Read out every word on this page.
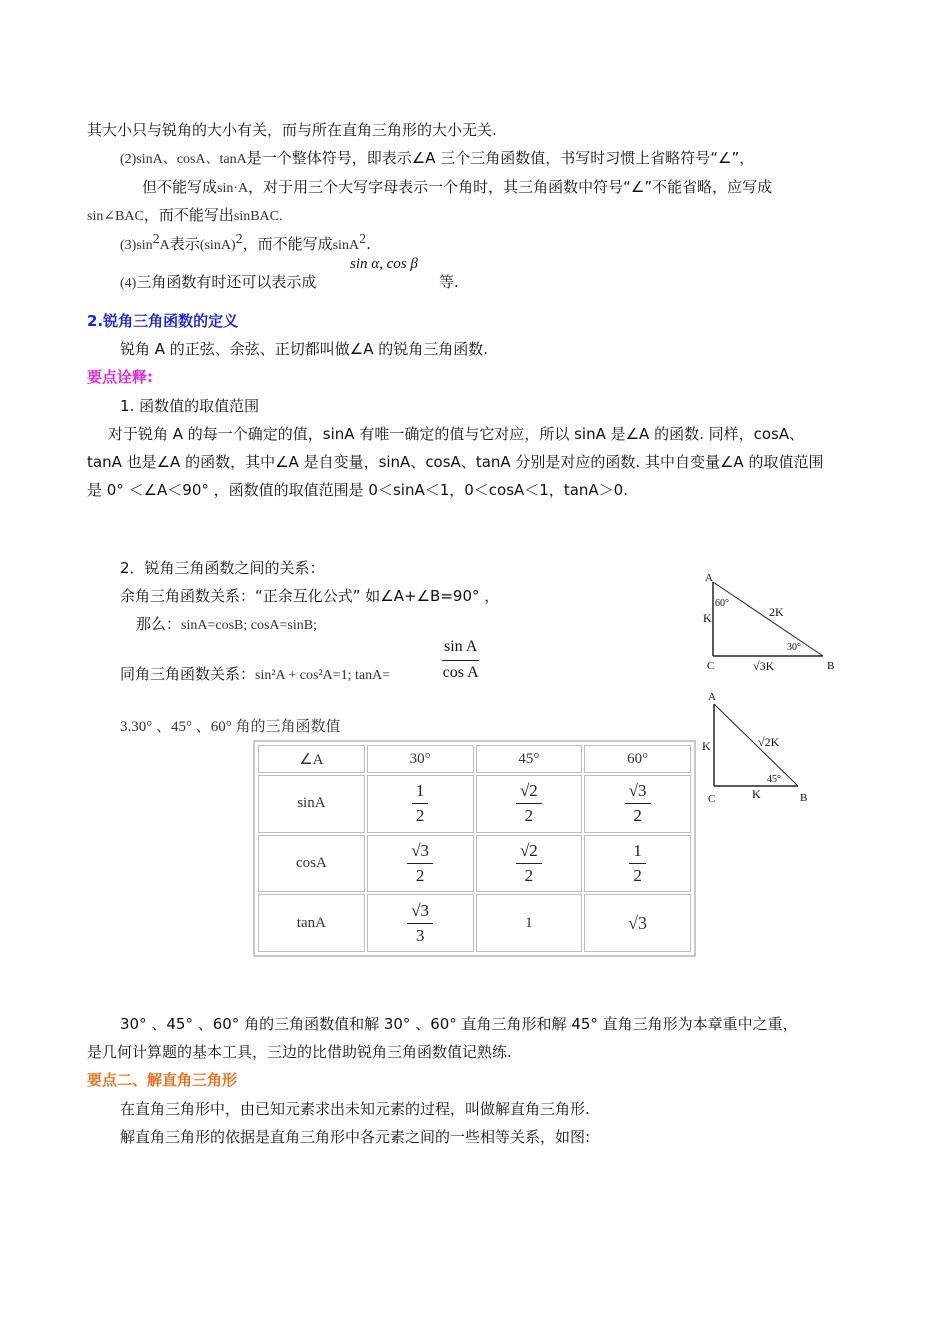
其大小只与锐角的大小有关，而与所在直角三角形的大小无关.
(2)sinA、cosA、tanA是一个整体符号，即表示∠A 三个三角函数值，书写时习惯上省略符号“∠”，
但不能写成sin·A，对于用三个大写字母表示一个角时，其三角函数中符号“∠”不能省略，应写成
sin∠BAC，而不能写出sinBAC.
$(3)\sin^2A$表示$(\sin A)^2$，而不能写成sinA$^2$.
(4)三角函数有时还可以表示成
sin α, cos β
等.
2.锐角三角函数的定义
锐角 A 的正弦、余弦、正切都叫做∠A 的锐角三角函数.
要点诠释:
1. 函数值的取值范围
对于锐角 A 的每一个确定的值，sinA 有唯一确定的值与它对应，所以 sinA 是∠A 的函数. 同样，cosA、
tanA 也是∠A 的函数，其中∠A 是自变量，sinA、cosA、tanA 分别是对应的函数. 其中自变量∠A 的取值范围
是 0° ＜∠A＜90° ，函数值的取值范围是 0＜sinA＜1，0＜cosA＜1，tanA＞0.
2．锐角三角函数之间的关系：
余角三角函数关系：“正余互化公式” 如∠A+∠B=90° ，
那么：sinA=cosB; cosA=sinB;
同角三角函数关系：sin²A + cos²A=1; tanA=	$\frac{\text{sin A}}{\text{cos A}}$
3.30° 、45° 、60° 角的三角函数值
∠A	30°	45°	60°
sinA	$\frac{1}{2}$	$\frac{√2}{2}$	$\frac{√3}{2}$

cosA	$\frac{√3}{2}$	$\frac{√2}{2}$	$\frac{1}{2}$

tanA	$\frac{√3}{3}$	1	√3
A
60°
K	2K
30°
C	√3K	B
A
K	√2K
45°
C	K	B
30° 、45° 、60° 角的三角函数值和解 30° 、60° 直角三角形和解 45° 直角三角形为本章重中之重，
是几何计算题的基本工具，三边的比借助锐角三角函数值记熟练.
要点二、解直角三角形
在直角三角形中，由已知元素求出未知元素的过程，叫做解直角三角形.
解直角三角形的依据是直角三角形中各元素之间的一些相等关系，如图:
